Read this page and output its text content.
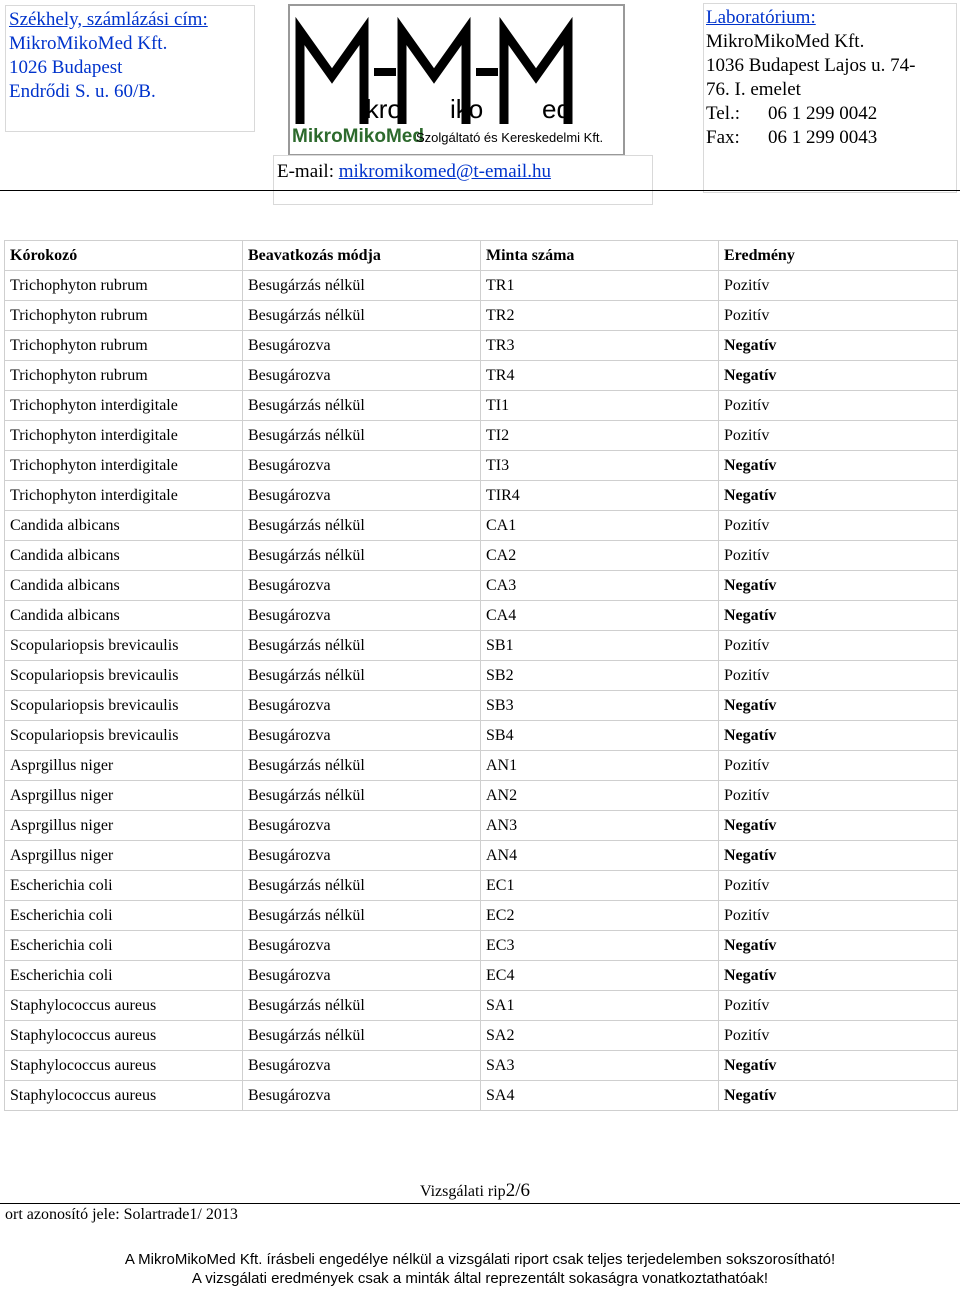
Székhely, számlázási cím:
MikroMikoMed Kft.
1026 Budapest
Endrődi S. u. 60/B.
ikro iko ed
MikroMikoMed
Szolgáltató és Kereskedelmi Kft.
E-mail: mikromikomed@t-email.hu
Laboratórium:
MikroMikoMed Kft.
1036 Budapest Lajos u. 74-
76. I. emelet
Tel.:	06 1 299 0042
Fax:	06 1 299 0043
Kórokozó	Beavatkozás módja	Minta száma	Eredmény
Trichophyton rubrum	Besugárzás nélkül	TR1	Pozitív
Trichophyton rubrum	Besugárzás nélkül	TR2	Pozitív
Trichophyton rubrum	Besugározva	TR3	Negatív
Trichophyton rubrum	Besugározva	TR4	Negatív
Trichophyton interdigitale	Besugárzás nélkül	TI1	Pozitív
Trichophyton interdigitale	Besugárzás nélkül	TI2	Pozitív
Trichophyton interdigitale	Besugározva	TI3	Negatív
Trichophyton interdigitale	Besugározva	TIR4	Negatív
Candida albicans	Besugárzás nélkül	CA1	Pozitív
Candida albicans	Besugárzás nélkül	CA2	Pozitív
Candida albicans	Besugározva	CA3	Negatív
Candida albicans	Besugározva	CA4	Negatív
Scopulariopsis brevicaulis	Besugárzás nélkül	SB1	Pozitív
Scopulariopsis brevicaulis	Besugárzás nélkül	SB2	Pozitív
Scopulariopsis brevicaulis	Besugározva	SB3	Negatív
Scopulariopsis brevicaulis	Besugározva	SB4	Negatív
Asprgillus niger	Besugárzás nélkül	AN1	Pozitív
Asprgillus niger	Besugárzás nélkül	AN2	Pozitív
Asprgillus niger	Besugározva	AN3	Negatív
Asprgillus niger	Besugározva	AN4	Negatív
Escherichia coli	Besugárzás nélkül	EC1	Pozitív
Escherichia coli	Besugárzás nélkül	EC2	Pozitív
Escherichia coli	Besugározva	EC3	Negatív
Escherichia coli	Besugározva	EC4	Negatív
Staphylococcus aureus	Besugárzás nélkül	SA1	Pozitív
Staphylococcus aureus	Besugárzás nélkül	SA2	Pozitív
Staphylococcus aureus	Besugározva	SA3	Negatív
Staphylococcus aureus	Besugározva	SA4	Negatív
Vizsgálati rip2/6
ort azonosító jele: Solartrade1/ 2013
A MikroMikoMed Kft. írásbeli engedélye nélkül a vizsgálati riport csak teljes terjedelemben sokszorosítható!
A vizsgálati eredmények csak a minták által reprezentált sokaságra vonatkoztathatóak!
